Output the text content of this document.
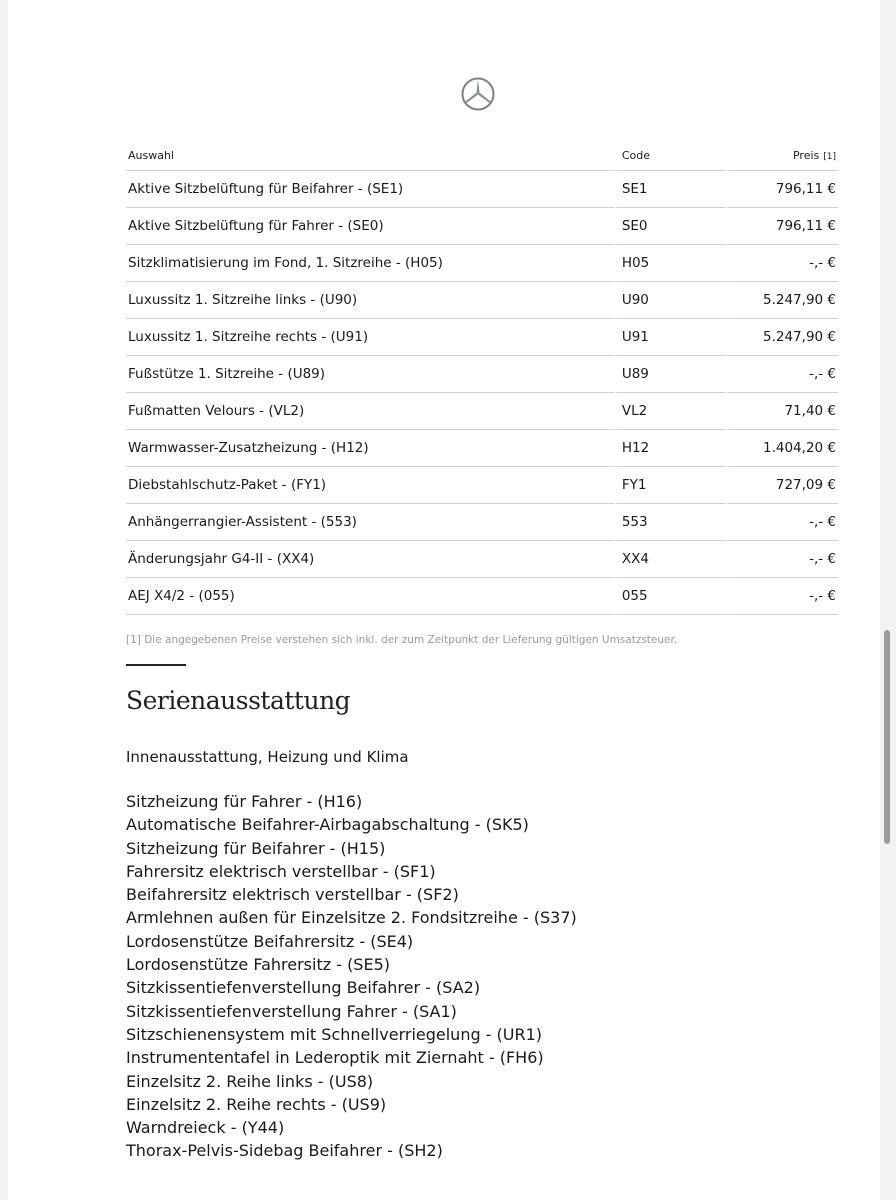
Auswahl	Code	Preis [1]
Aktive Sitzbelüftung für Beifahrer - (SE1)	SE1	796,11 €
Aktive Sitzbelüftung für Fahrer - (SE0)	SE0	796,11 €
Sitzklimatisierung im Fond, 1. Sitzreihe - (H05)	H05	-,- €
Luxussitz 1. Sitzreihe links - (U90)	U90	5.247,90 €
Luxussitz 1. Sitzreihe rechts - (U91)	U91	5.247,90 €
Fußstütze 1. Sitzreihe - (U89)	U89	-,- €
Fußmatten Velours - (VL2)	VL2	71,40 €
Warmwasser-Zusatzheizung - (H12)	H12	1.404,20 €
Diebstahlschutz-Paket - (FY1)	FY1	727,09 €
Anhängerrangier-Assistent - (553)	553	-,- €
Änderungsjahr G4-II - (XX4)	XX4	-,- €
AEJ X4/2 - (055)	055	-,- €
[1] Die angegebenen Preise verstehen sich inkl. der zum Zeitpunkt der Lieferung gültigen Umsatzsteuer.
Serienausstattung
Innenausstattung, Heizung und Klima
Sitzheizung für Fahrer - (H16)
Automatische Beifahrer-Airbagabschaltung - (SK5)
Sitzheizung für Beifahrer - (H15)
Fahrersitz elektrisch verstellbar - (SF1)
Beifahrersitz elektrisch verstellbar - (SF2)
Armlehnen außen für Einzelsitze 2. Fondsitzreihe - (S37)
Lordosenstütze Beifahrersitz - (SE4)
Lordosenstütze Fahrersitz - (SE5)
Sitzkissentiefenverstellung Beifahrer - (SA2)
Sitzkissentiefenverstellung Fahrer - (SA1)
Sitzschienensystem mit Schnellverriegelung - (UR1)
Instrumententafel in Lederoptik mit Ziernaht - (FH6)
Einzelsitz 2. Reihe links - (US8)
Einzelsitz 2. Reihe rechts - (US9)
Warndreieck - (Y44)
Thorax-Pelvis-Sidebag Beifahrer - (SH2)
